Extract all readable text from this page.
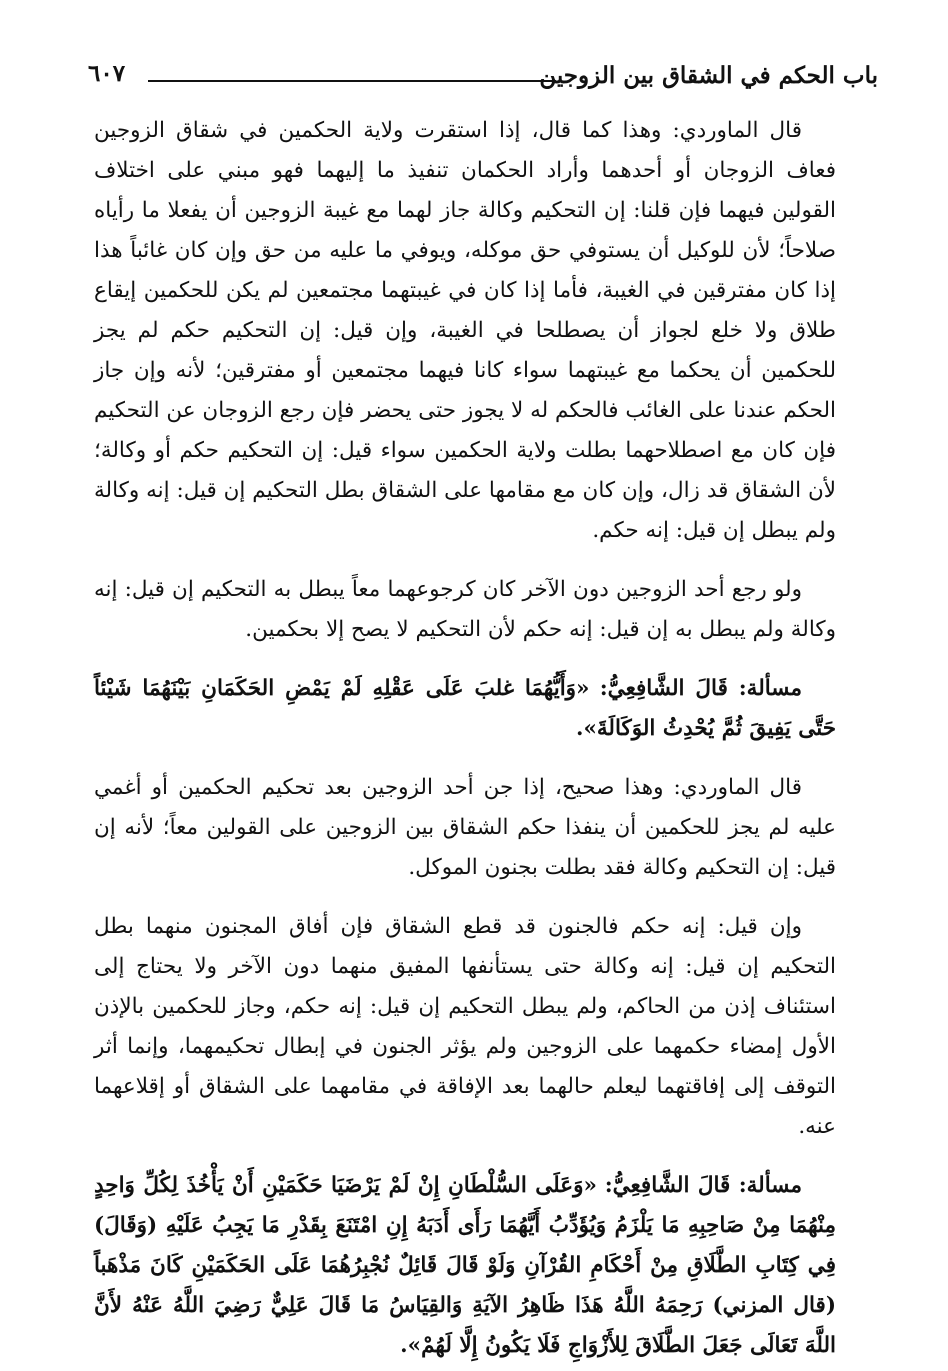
باب الحكم في الشقاق بين الزوجين
٦٠٧

قال الماوردي: وهذا كما قال، إذا استقرت ولاية الحكمين في شقاق الزوجين فعاف الزوجان أو أحدهما وأراد الحكمان تنفيذ ما إليهما فهو مبني على اختلاف القولين فيهما فإن قلنا: إن التحكيم وكالة جاز لهما مع غيبة الزوجين أن يفعلا ما رأياه صلاحاً؛ لأن للوكيل أن يستوفي حق موكله، ويوفي ما عليه من حق وإن كان غائباً هذا إذا كان مفترقين في الغيبة، فأما إذا كان في غيبتهما مجتمعين لم يكن للحكمين إيقاع طلاق ولا خلع لجواز أن يصطلحا في الغيبة، وإن قيل: إن التحكيم حكم لم يجز للحكمين أن يحكما مع غيبتهما سواء كانا فيهما مجتمعين أو مفترقين؛ لأنه وإن جاز الحكم عندنا على الغائب فالحكم له لا يجوز حتى يحضر فإن رجع الزوجان عن التحكيم فإن كان مع اصطلاحهما بطلت ولاية الحكمين سواء قيل: إن التحكيم حكم أو وكالة؛ لأن الشقاق قد زال، وإن كان مع مقامها على الشقاق بطل التحكيم إن قيل: إنه وكالة ولم يبطل إن قيل: إنه حكم.

ولو رجع أحد الزوجين دون الآخر كان كرجوعهما معاً يبطل به التحكيم إن قيل: إنه وكالة ولم يبطل به إن قيل: إنه حكم لأن التحكيم لا يصح إلا بحكمين.

مسألة: قَالَ الشَّافِعِيُّ: «وَأَيُّهُمَا غلبَ عَلَى عَقْلِهِ لَمْ يَمْضِ الحَكَمَانِ بَيْنَهُمَا شَيْئاً حَتَّى يَفِيقَ ثُمَّ يُحْدِثُ الوَكَالَةَ».

قال الماوردي: وهذا صحيح، إذا جن أحد الزوجين بعد تحكيم الحكمين أو أغمي عليه لم يجز للحكمين أن ينفذا حكم الشقاق بين الزوجين على القولين معاً؛ لأنه إن قيل: إن التحكيم وكالة فقد بطلت بجنون الموكل.

وإن قيل: إنه حكم فالجنون قد قطع الشقاق فإن أفاق المجنون منهما بطل التحكيم إن قيل: إنه وكالة حتى يستأنفها المفيق منهما دون الآخر ولا يحتاج إلى استئناف إذن من الحاكم، ولم يبطل التحكيم إن قيل: إنه حكم، وجاز للحكمين بالإذن الأول إمضاء حكمهما على الزوجين ولم يؤثر الجنون في إبطال تحكيمهما، وإنما أثر التوقف إلى إفاقتهما ليعلم حالهما بعد الإفاقة في مقامهما على الشقاق أو إقلاعهما عنه.

مسألة: قَالَ الشَّافِعِيُّ: «وَعَلَى السُّلْطَانِ إِنْ لَمْ يَرْضَيَا حَكَمَيْنِ أَنْ يَأْخُذَ لِكُلِّ وَاحِدٍ مِنْهُمَا مِنْ صَاحِبِهِ مَا يَلْزَمُ وَيُؤَدِّبُ أَيَّهُمَا رَأَى أَدَبَهُ إِنِ امْتَنَعَ بِقَدْرِ مَا يَجِبُ عَلَيْهِ (وَقَالَ) فِي كِتَابِ الطَّلَاقِ مِنْ أَحْكَامِ القُرْآنِ وَلَوْ قَالَ قَائِلٌ نُجْبِرُهُمَا عَلَى الحَكَمَيْنِ كَانَ مَذْهَباً (قال المزني) رَحِمَهُ اللَّهُ هَذَا ظَاهِرُ الآيَةِ وَالقِيَاسُ مَا قَالَ عَلِيٌّ رَضِيَ اللَّهُ عَنْهُ لأَنَّ اللَّهَ تَعَالَى جَعَلَ الطَّلَاقَ لِلأَزْوَاجِ فَلَا يَكُونُ إِلَّا لَهُمْ».
